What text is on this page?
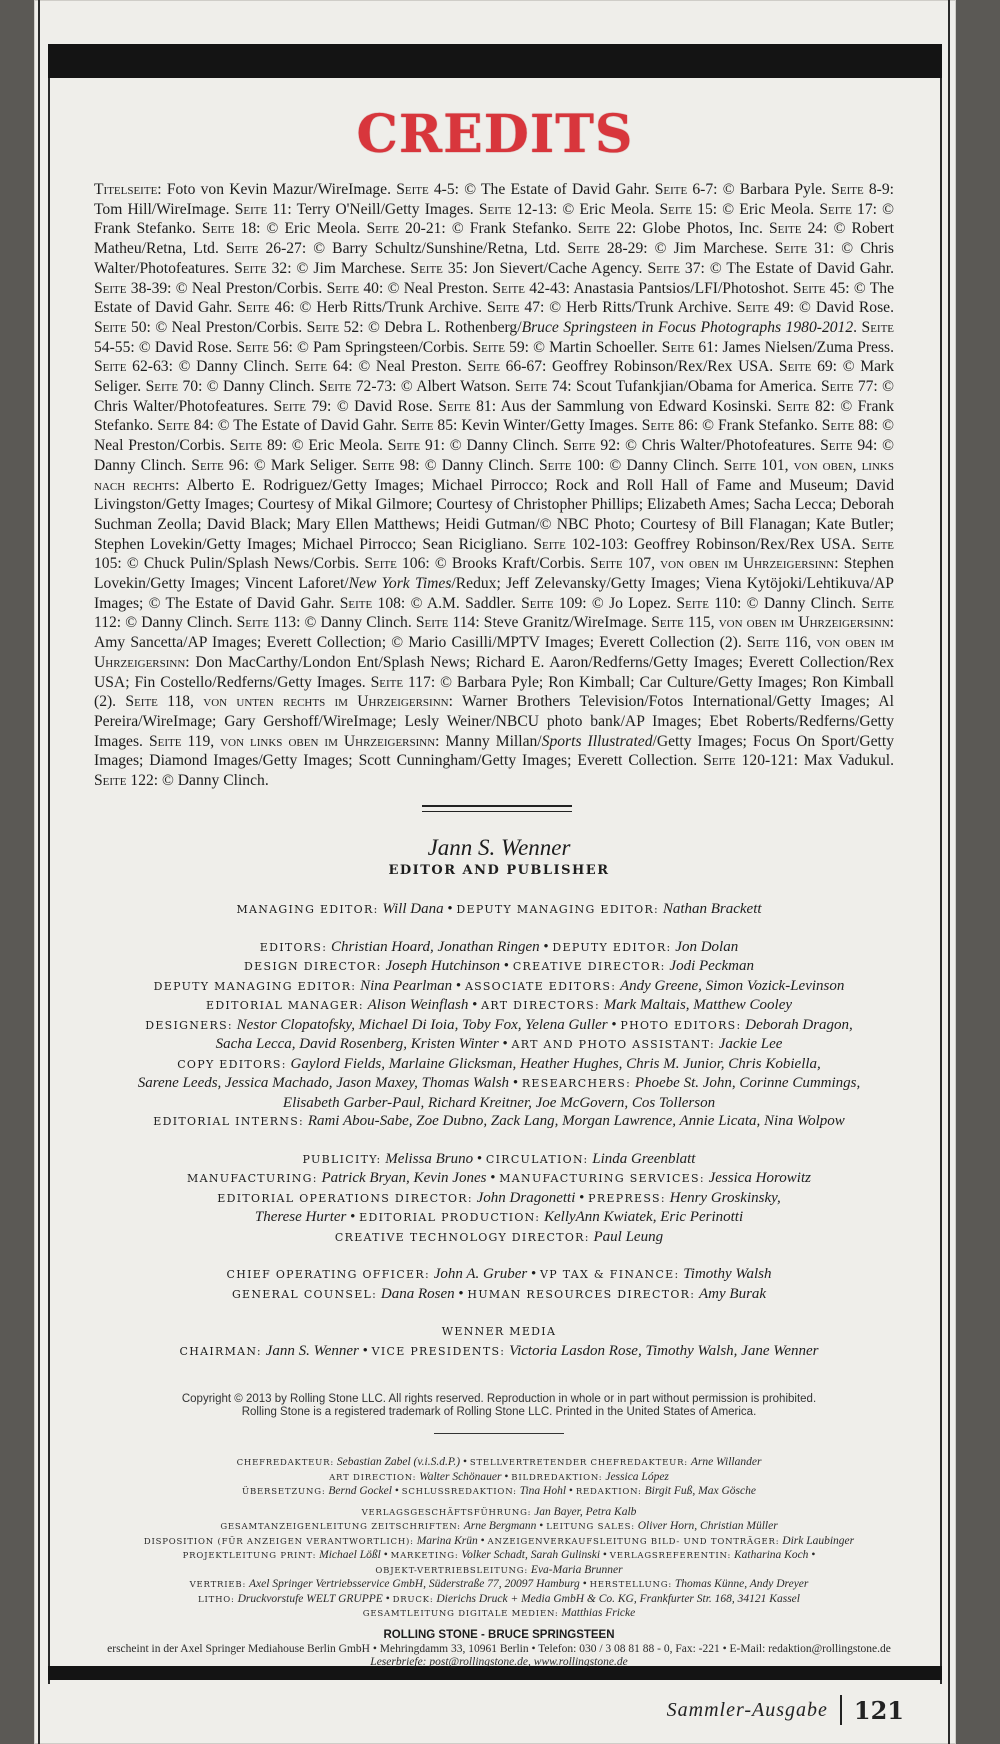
CREDITS
Titelseite: Foto von Kevin Mazur/WireImage. Seite 4-5: © The Estate of David Gahr. Seite 6-7: © Barbara Pyle. Seite 8-9: Tom Hill/WireImage. Seite 11: Terry O'Neill/Getty Images. Seite 12-13: © Eric Meola. Seite 15: © Eric Meola. Seite 17: © Frank Stefanko. Seite 18: © Eric Meola. Seite 20-21: © Frank Stefanko. Seite 22: Globe Photos, Inc. Seite 24: © Robert Matheu/Retna, Ltd. Seite 26-27: © Barry Schultz/Sunshine/Retna, Ltd. Seite 28-29: © Jim Marchese. Seite 31: © Chris Walter/Photofeatures. Seite 32: © Jim Marchese. Seite 35: Jon Sievert/Cache Agency. Seite 37: © The Estate of David Gahr. Seite 38-39: © Neal Preston/Corbis. Seite 40: © Neal Preston. Seite 42-43: Anastasia Pantsios/LFI/Photoshot. Seite 45: © The Estate of David Gahr. Seite 46: © Herb Ritts/Trunk Archive. Seite 47: © Herb Ritts/Trunk Archive. Seite 49: © David Rose. Seite 50: © Neal Preston/Corbis. Seite 52: © Debra L. Rothenberg/Bruce Springsteen in Focus Photographs 1980-2012. Seite 54-55: © David Rose. Seite 56: © Pam Springsteen/Corbis. Seite 59: © Martin Schoeller. Seite 61: James Nielsen/Zuma Press. Seite 62-63: © Danny Clinch. Seite 64: © Neal Preston. Seite 66-67: Geoffrey Robinson/Rex/Rex USA. Seite 69: © Mark Seliger. Seite 70: © Danny Clinch. Seite 72-73: © Albert Watson. Seite 74: Scout Tufankjian/Obama for America. Seite 77: © Chris Walter/Photofeatures. Seite 79: © David Rose. Seite 81: Aus der Sammlung von Edward Kosinski. Seite 82: © Frank Stefanko. Seite 84: © The Estate of David Gahr. Seite 85: Kevin Winter/Getty Images. Seite 86: © Frank Stefanko. Seite 88: © Neal Preston/Corbis. Seite 89: © Eric Meola. Seite 91: © Danny Clinch. Seite 92: © Chris Walter/Photofeatures. Seite 94: © Danny Clinch. Seite 96: © Mark Seliger. Seite 98: © Danny Clinch. Seite 100: © Danny Clinch. Seite 101, von oben, links nach rechts: Alberto E. Rodriguez/Getty Images; Michael Pirrocco; Rock and Roll Hall of Fame and Museum; David Livingston/Getty Images; Courtesy of Mikal Gilmore; Courtesy of Christopher Phillips; Elizabeth Ames; Sacha Lecca; Deborah Suchman Zeolla; David Black; Mary Ellen Matthews; Heidi Gutman/© NBC Photo; Courtesy of Bill Flanagan; Kate Butler; Stephen Lovekin/Getty Images; Michael Pirrocco; Sean Ricigliano. Seite 102-103: Geoffrey Robinson/Rex/Rex USA. Seite 105: © Chuck Pulin/Splash News/Corbis. Seite 106: © Brooks Kraft/Corbis. Seite 107, von oben im Uhrzeigersinn: Stephen Lovekin/Getty Images; Vincent Laforet/New York Times/Redux; Jeff Zelevansky/Getty Images; Viena Kytöjoki/Lehtikuva/AP Images; © The Estate of David Gahr. Seite 108: © A.M. Saddler. Seite 109: © Jo Lopez. Seite 110: © Danny Clinch. Seite 112: © Danny Clinch. Seite 113: © Danny Clinch. Seite 114: Steve Granitz/WireImage. Seite 115, von oben im Uhrzeigersinn: Amy Sancetta/AP Images; Everett Collection; © Mario Casilli/MPTV Images; Everett Collection (2). Seite 116, von oben im Uhrzeigersinn: Don MacCarthy/London Ent/Splash News; Richard E. Aaron/Redferns/Getty Images; Everett Collection/Rex USA; Fin Costello/Redferns/Getty Images. Seite 117: © Barbara Pyle; Ron Kimball; Car Culture/Getty Images; Ron Kimball (2). Seite 118, von unten rechts im Uhrzeigersinn: Warner Brothers Television/Fotos International/Getty Images; Al Pereira/WireImage; Gary Gershoff/WireImage; Lesly Weiner/NBCU photo bank/AP Images; Ebet Roberts/Redferns/Getty Images. Seite 119, von links oben im Uhrzeigersinn: Manny Millan/Sports Illustrated/Getty Images; Focus On Sport/Getty Images; Diamond Images/Getty Images; Scott Cunningham/Getty Images; Everett Collection. Seite 120-121: Max Vadukul. Seite 122: © Danny Clinch.
Jann S. Wenner
EDITOR AND PUBLISHER
MANAGING EDITOR: Will Dana • DEPUTY MANAGING EDITOR: Nathan Brackett
EDITORS: Christian Hoard, Jonathan Ringen • DEPUTY EDITOR: Jon Dolan
DESIGN DIRECTOR: Joseph Hutchinson • CREATIVE DIRECTOR: Jodi Peckman
DEPUTY MANAGING EDITOR: Nina Pearlman • ASSOCIATE EDITORS: Andy Greene, Simon Vozick-Levinson
EDITORIAL MANAGER: Alison Weinflash • ART DIRECTORS: Mark Maltais, Matthew Cooley
DESIGNERS: Nestor Clopatofsky, Michael Di Ioia, Toby Fox, Yelena Guller • PHOTO EDITORS: Deborah Dragon,
Sacha Lecca, David Rosenberg, Kristen Winter • ART AND PHOTO ASSISTANT: Jackie Lee
COPY EDITORS: Gaylord Fields, Marlaine Glicksman, Heather Hughes, Chris M. Junior, Chris Kobiella,
Sarene Leeds, Jessica Machado, Jason Maxey, Thomas Walsh • RESEARCHERS: Phoebe St. John, Corinne Cummings,
Elisabeth Garber-Paul, Richard Kreitner, Joe McGovern, Cos Tollerson
EDITORIAL INTERNS: Rami Abou-Sabe, Zoe Dubno, Zack Lang, Morgan Lawrence, Annie Licata, Nina Wolpow
PUBLICITY: Melissa Bruno • CIRCULATION: Linda Greenblatt
MANUFACTURING: Patrick Bryan, Kevin Jones • MANUFACTURING SERVICES: Jessica Horowitz
EDITORIAL OPERATIONS DIRECTOR: John Dragonetti • PREPRESS: Henry Groskinsky,
Therese Hurter • EDITORIAL PRODUCTION: KellyAnn Kwiatek, Eric Perinotti
CREATIVE TECHNOLOGY DIRECTOR: Paul Leung
CHIEF OPERATING OFFICER: John A. Gruber • VP TAX & FINANCE: Timothy Walsh
GENERAL COUNSEL: Dana Rosen • HUMAN RESOURCES DIRECTOR: Amy Burak
WENNER MEDIA
CHAIRMAN: Jann S. Wenner • VICE PRESIDENTS: Victoria Lasdon Rose, Timothy Walsh, Jane Wenner
Copyright © 2013 by Rolling Stone LLC. All rights reserved. Reproduction in whole or in part without permission is prohibited.
Rolling Stone is a registered trademark of Rolling Stone LLC. Printed in the United States of America.
CHEFREDAKTEUR: Sebastian Zabel (v.i.S.d.P.) • STELLVERTRETENDER CHEFREDAKTEUR: Arne Willander
ART DIRECTION: Walter Schönauer • BILDREDAKTION: Jessica López
ÜBERSETZUNG: Bernd Gockel • SCHLUSSREDAKTION: Tina Hohl • REDAKTION: Birgit Fuß, Max Gösche

VERLAGSGESCHÄFTSFÜHRUNG: Jan Bayer, Petra Kalb
GESAMTANZEIGENLEITUNG ZEITSCHRIFTEN: Arne Bergmann • LEITUNG SALES: Oliver Horn, Christian Müller
DISPOSITION (FÜR ANZEIGEN VERANTWORTLICH): Marina Krün • ANZEIGENVERKAUFSLEITUNG BILD- UND TONTRÄGER: Dirk Laubinger
PROJEKTLEITUNG PRINT: Michael Lößl • MARKETING: Volker Schadt, Sarah Gulinski • VERLAGSREFERENTIN: Katharina Koch •
OBJEKT-VERTRIEBSLEITUNG: Eva-Maria Brunner
VERTRIEB: Axel Springer Vertriebsservice GmbH, Süderstraße 77, 20097 Hamburg • HERSTELLUNG: Thomas Künne, Andy Dreyer
LITHO: Druckvorstufe WELT GRUPPE • DRUCK: Dierichs Druck + Media GmbH & Co. KG, Frankfurter Str. 168, 34121 Kassel
GESAMTLEITUNG DIGITALE MEDIEN: Matthias Fricke
ROLLING STONE - BRUCE SPRINGSTEEN
erscheint in der Axel Springer Mediahouse Berlin GmbH • Mehringdamm 33, 10961 Berlin • Telefon: 030 / 3 08 81 88 - 0, Fax: -221 • E-Mail: redaktion@rollingstone.de
Leserbriefe: post@rollingstone.de, www.rollingstone.de
Sammler-Ausgabe 121
